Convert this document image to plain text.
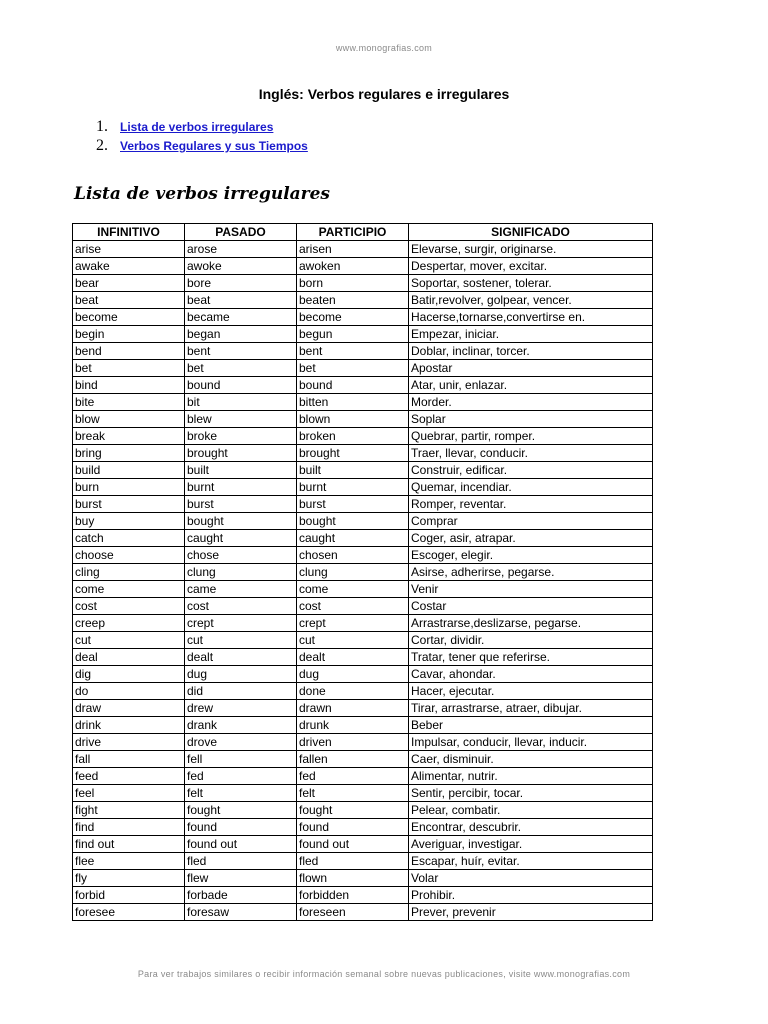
www.monografias.com
Inglés: Verbos regulares e irregulares
1.	Lista de verbos irregulares
2.	Verbos Regulares y sus Tiempos
Lista de verbos irregulares
INFINITIVO	PASADO	PARTICIPIO	SIGNIFICADO
arise	arose	arisen	Elevarse, surgir, originarse.
awake	awoke	awoken	Despertar, mover, excitar.
bear	bore	born	Soportar, sostener, tolerar.
beat	beat	beaten	Batir,revolver, golpear, vencer.
become	became	become	Hacerse,tornarse,convertirse en.
begin	began	begun	Empezar, iniciar.
bend	bent	bent	Doblar, inclinar, torcer.
bet	bet	bet	Apostar
bind	bound	bound	Atar, unir, enlazar.
bite	bit	bitten	Morder.
blow	blew	blown	Soplar
break	broke	broken	Quebrar, partir, romper.
bring	brought	brought	Traer, llevar, conducir.
build	built	built	Construir, edificar.
burn	burnt	burnt	Quemar, incendiar.
burst	burst	burst	Romper, reventar.
buy	bought	bought	Comprar
catch	caught	caught	Coger, asir, atrapar.
choose	chose	chosen	Escoger, elegir.
cling	clung	clung	Asirse, adherirse, pegarse.
come	came	come	Venir
cost	cost	cost	Costar
creep	crept	crept	Arrastrarse,deslizarse, pegarse.
cut	cut	cut	Cortar, dividir.
deal	dealt	dealt	Tratar, tener que referirse.
dig	dug	dug	Cavar, ahondar.
do	did	done	Hacer, ejecutar.
draw	drew	drawn	Tirar, arrastrarse, atraer, dibujar.
drink	drank	drunk	Beber
drive	drove	driven	Impulsar, conducir, llevar, inducir.
fall	fell	fallen	Caer, disminuir.
feed	fed	fed	Alimentar, nutrir.
feel	felt	felt	Sentir, percibir, tocar.
fight	fought	fought	Pelear, combatir.
find	found	found	Encontrar, descubrir.
find out	found out	found out	Averiguar, investigar.
flee	fled	fled	Escapar, huír, evitar.
fly	flew	flown	Volar
forbid	forbade	forbidden	Prohibir.
foresee	foresaw	foreseen	Prever, prevenir
Para ver trabajos similares o recibir información semanal sobre nuevas publicaciones, visite www.monografias.com
